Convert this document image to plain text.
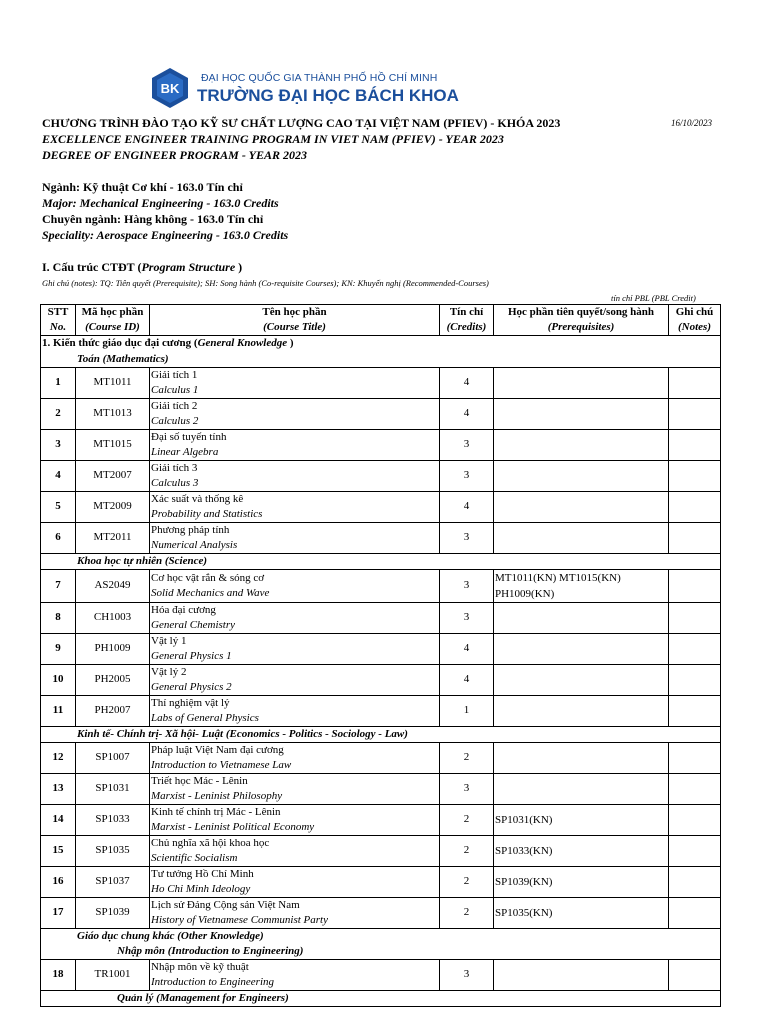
BK
ĐẠI HỌC QUỐC GIA THÀNH PHỐ HỒ CHÍ MINH
TRƯỜNG ĐẠI HỌC BÁCH KHOA
CHƯƠNG TRÌNH ĐÀO TẠO KỸ SƯ CHẤT LƯỢNG CAO TẠI VIỆT NAM (PFIEV) - KHÓA 2023	16/10/2023
EXCELLENCE ENGINEER TRAINING PROGRAM IN VIET NAM (PFIEV) - YEAR 2023
DEGREE OF ENGINEER PROGRAM - YEAR 2023
Ngành: Kỹ thuật Cơ khí - 163.0 Tín chỉ
Major: Mechanical Engineering - 163.0 Credits
Chuyên ngành: Hàng không - 163.0 Tín chỉ
Speciality: Aerospace Engineering - 163.0 Credits
I. Cấu trúc CTĐT (Program Structure )
Ghi chú (notes): TQ: Tiên quyết (Prerequisite); SH: Song hành (Co-requisite Courses); KN: Khuyến nghị (Recommended-Courses)
tín chỉ PBL (PBL Credit)
STT
No.	Mã học phần
(Course ID)	Tên học phần
(Course Title)	Tín chỉ
(Credits)	Học phần tiên quyết/song hành
(Prerequisites)	Ghi chú
(Notes)

1. Kiến thức giáo dục đại cương (General Knowledge )					
Toán (Mathematics)					
1	MT1011	Giải tích 1
Calculus 1	4		
2	MT1013	Giải tích 2
Calculus 2	4		
3	MT1015	Đại số tuyến tính
Linear Algebra	3		
4	MT2007	Giải tích 3
Calculus 3	3		
5	MT2009	Xác suất và thống kê
Probability and Statistics	4		
6	MT2011	Phương pháp tính
Numerical Analysis	3		
Khoa học tự nhiên (Science)					
7	AS2049	Cơ học vật rắn & sóng cơ
Solid Mechanics and Wave	3	MT1011(KN) MT1015(KN) PH1009(KN)	
8	CH1003	Hóa đại cương
General Chemistry	3		
9	PH1009	Vật lý 1
General Physics 1	4		
10	PH2005	Vật lý 2
General Physics 2	4		
11	PH2007	Thí nghiệm vật lý
Labs of General Physics	1		
Kinh tế- Chính trị- Xã hội- Luật (Economics - Politics - Sociology - Law)					
12	SP1007	Pháp luật Việt Nam đại cương
Introduction to Vietnamese Law	2		
13	SP1031	Triết học Mác - Lênin
Marxist - Leninist Philosophy	3		
14	SP1033	Kinh tế chính trị Mác - Lênin
Marxist - Leninist Political Economy	2	SP1031(KN)	
15	SP1035	Chủ nghĩa xã hội khoa học
Scientific Socialism	2	SP1033(KN)	
16	SP1037	Tư tưởng Hồ Chí Minh
Ho Chi Minh Ideology	2	SP1039(KN)	
17	SP1039	Lịch sử Đảng Cộng sản Việt Nam
History of Vietnamese Communist Party	2	SP1035(KN)	
Giáo dục chung khác (Other Knowledge)					
Nhập môn (Introduction to Engineering)					
18	TR1001	Nhập môn về kỹ thuật
Introduction to Engineering	3		
Quản lý (Management for Engineers)					
